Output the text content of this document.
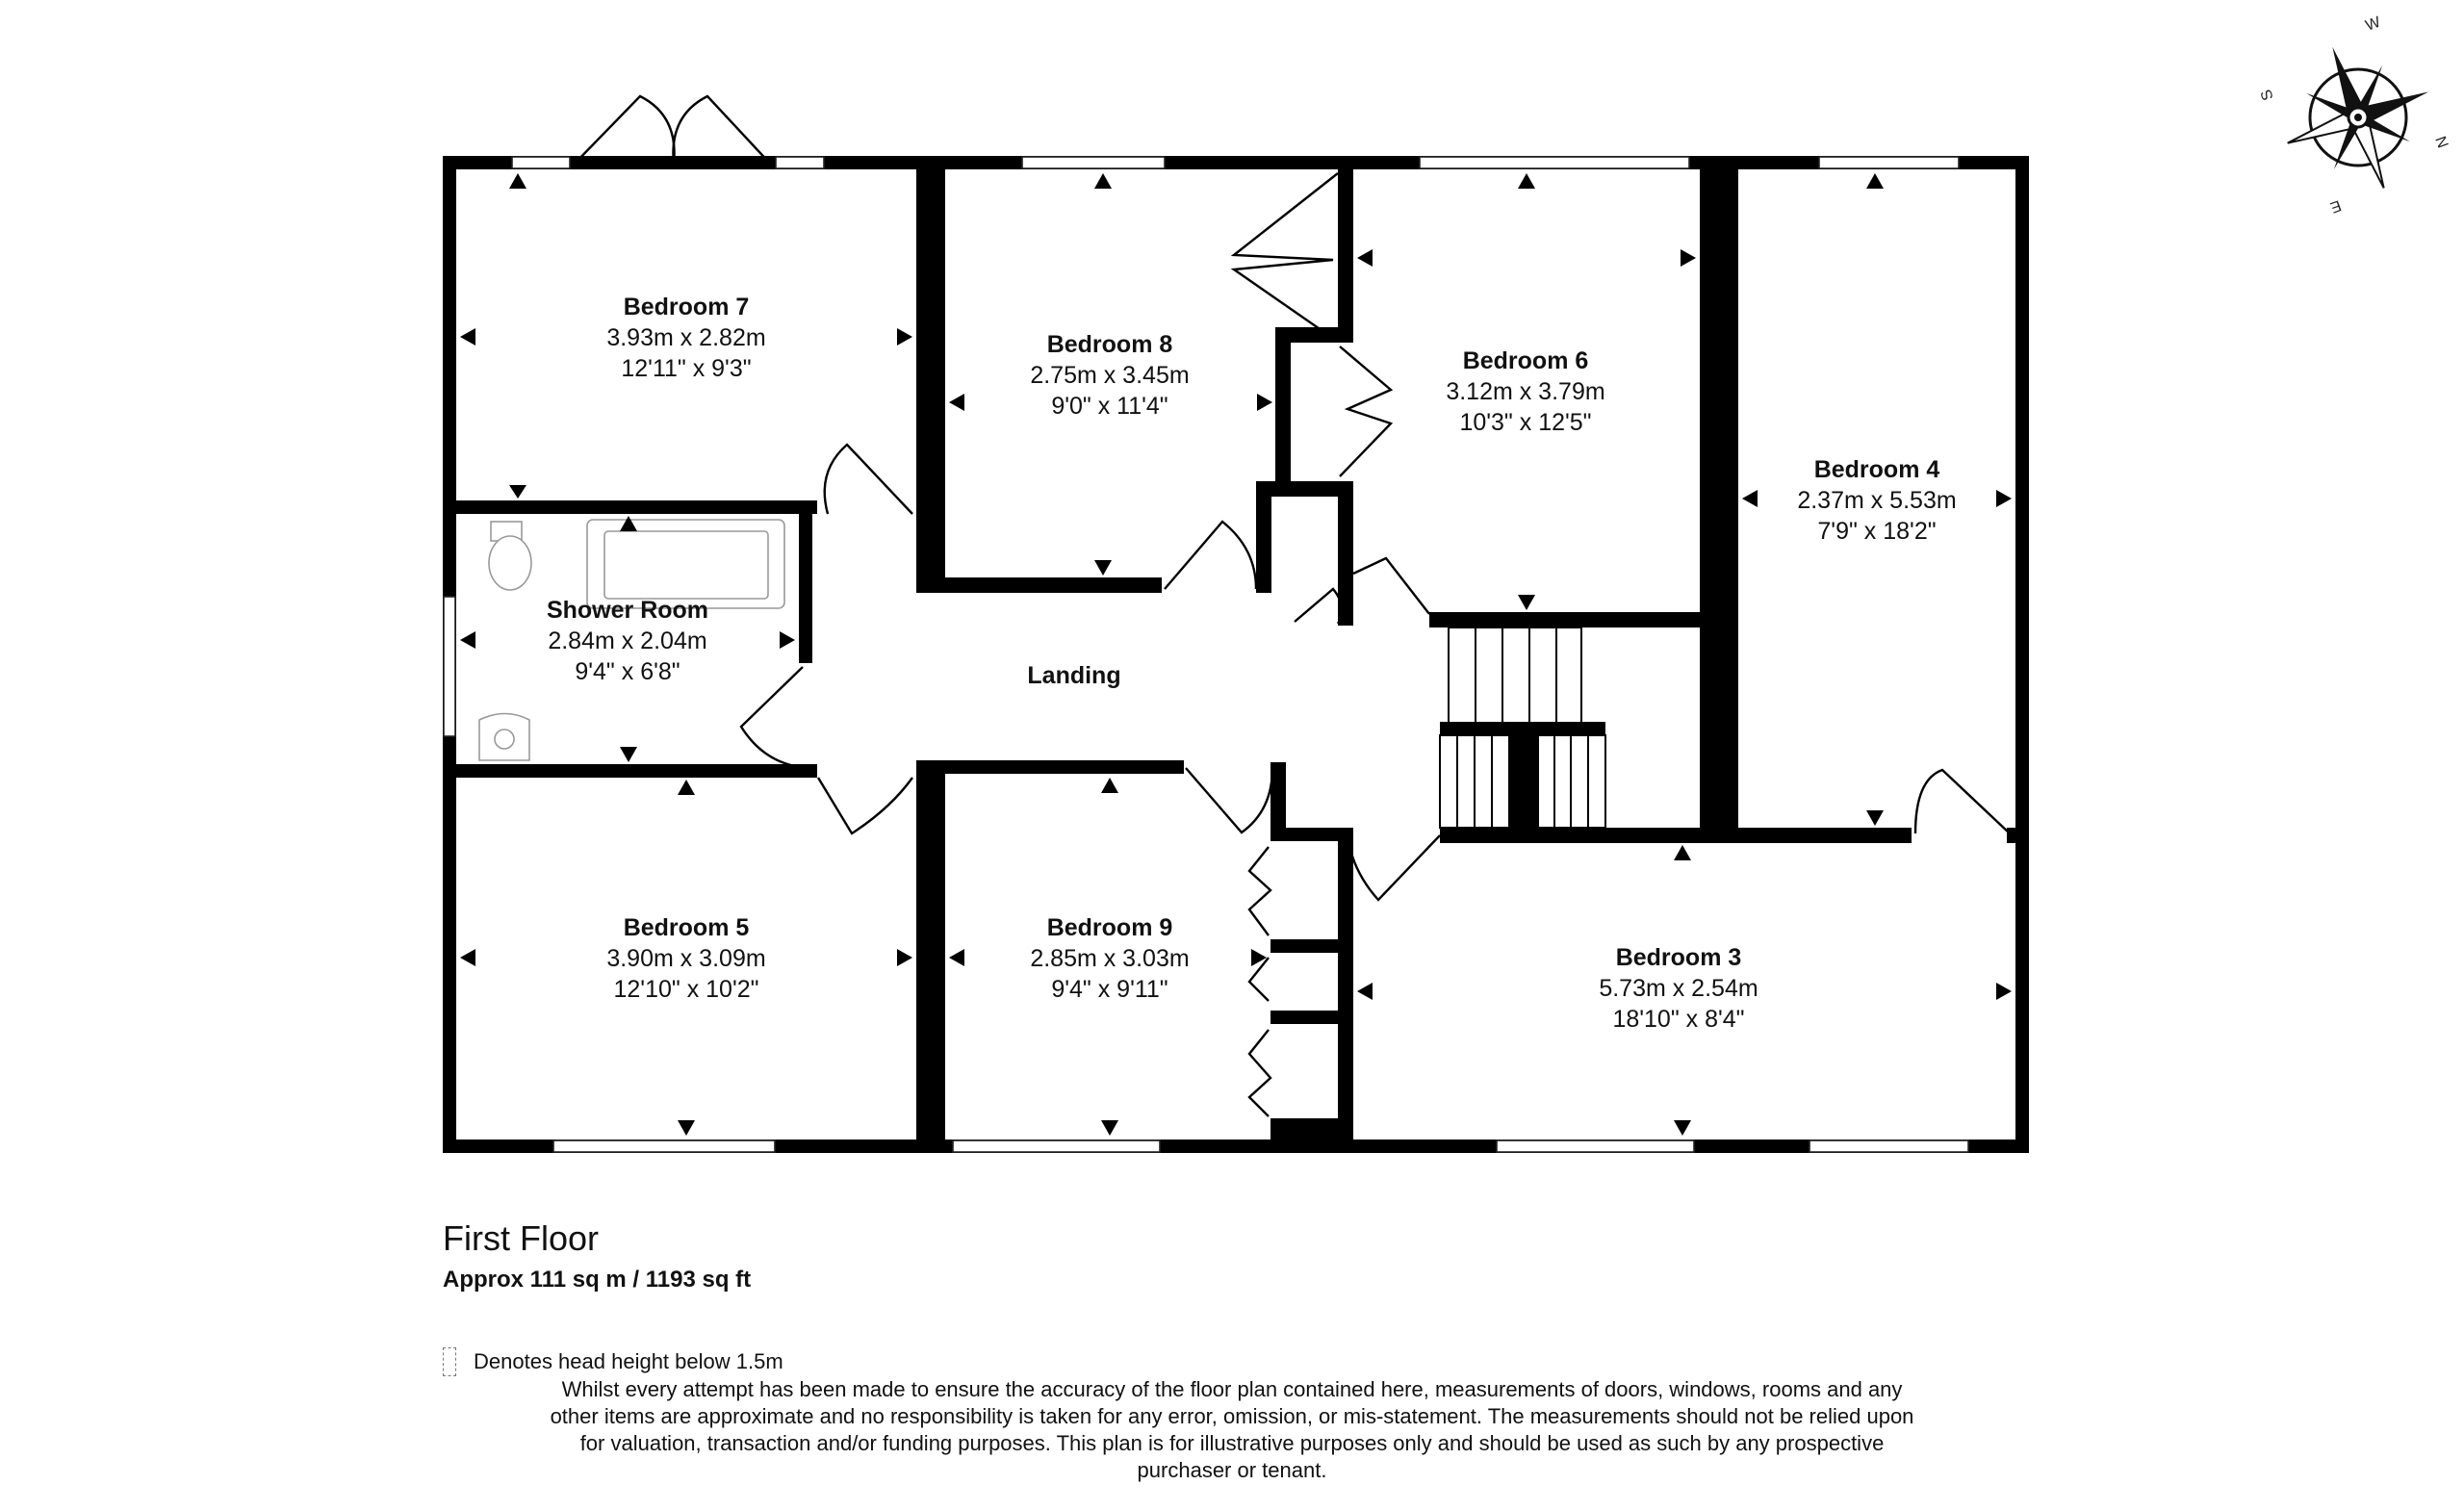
Bedroom 7
3.93m x 2.82m
12'11" x 9'3"
Bedroom 8
2.75m x 3.45m
9'0" x 11'4"
Bedroom 6
3.12m x 3.79m
10'3" x 12'5"
Bedroom 4
2.37m x 5.53m
7'9" x 18'2"
Shower Room
2.84m x 2.04m
9'4" x 6'8"	Landing
Bedroom 5
3.90m x 3.09m
12'10" x 10'2"
Bedroom 9
2.85m x 3.03m
9'4" x 9'11"
Bedroom 3
5.73m x 2.54m
18'10" x 8'4"
N
E
S
W
First Floor
Approx 111 sq m / 1193 sq ft
Denotes head height below 1.5m
Whilst every attempt has been made to ensure the accuracy of the floor plan contained here, measurements of doors, windows, rooms and any other items are approximate and no responsibility is taken for any error, omission, or mis-statement. The measurements should not be relied upon for valuation, transaction and/or funding purposes. This plan is for illustrative purposes only and should be used as such by any prospective purchaser or tenant.
